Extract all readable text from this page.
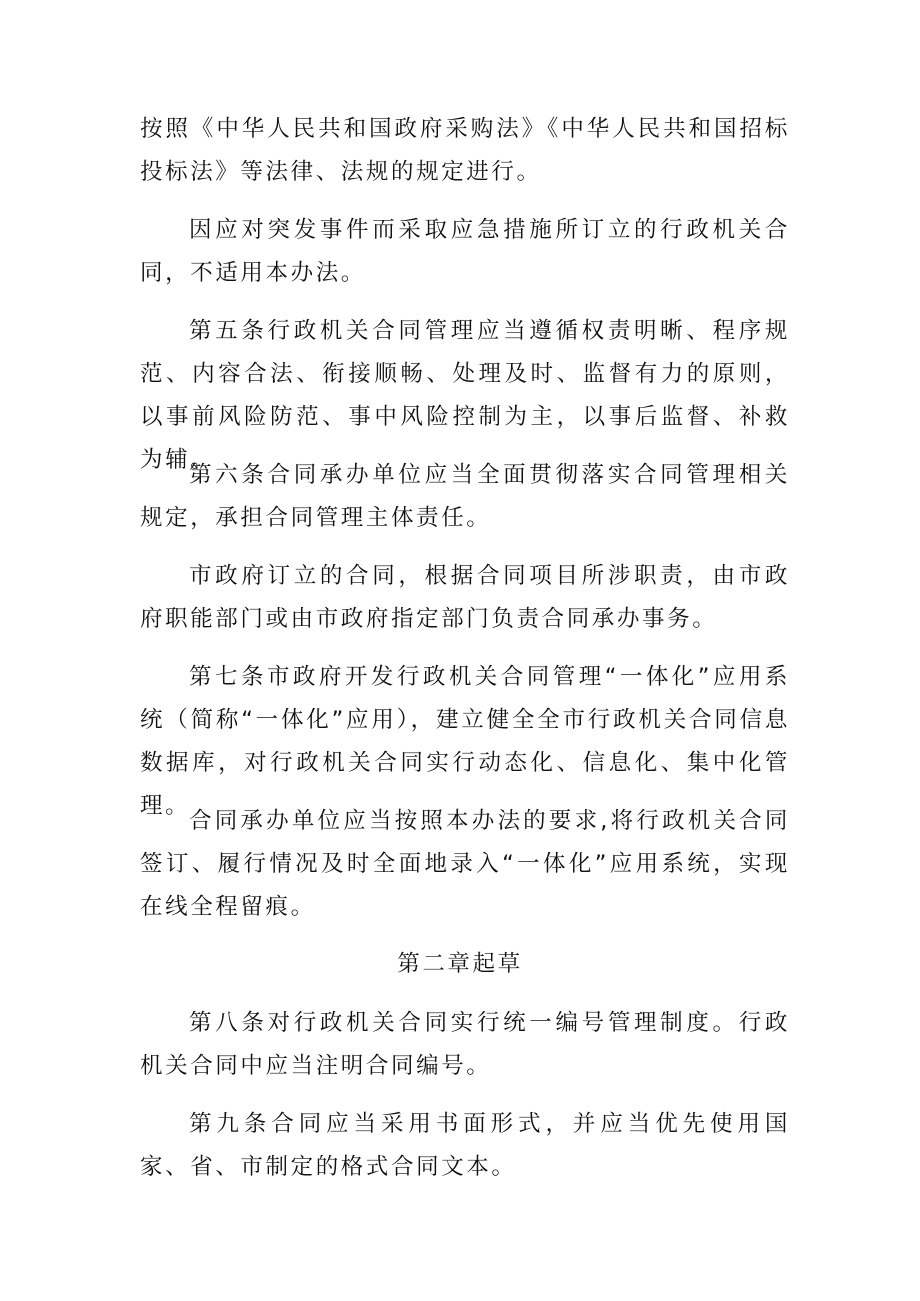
按照《中华人民共和国政府采购法》《中华人民共和国招标投标法》等法律、法规的规定进行。

因应对突发事件而采取应急措施所订立的行政机关合同，不适用本办法。

第五条行政机关合同管理应当遵循权责明晰、程序规范、内容合法、衔接顺畅、处理及时、监督有力的原则，以事前风险防范、事中风险控制为主，以事后监督、补救为辅。

第六条合同承办单位应当全面贯彻落实合同管理相关规定，承担合同管理主体责任。

市政府订立的合同，根据合同项目所涉职责，由市政府职能部门或由市政府指定部门负责合同承办事务。

第七条市政府开发行政机关合同管理“一体化”应用系统（简称“一体化”应用），建立健全全市行政机关合同信息数据库，对行政机关合同实行动态化、信息化、集中化管理。

合同承办单位应当按照本办法的要求,将行政机关合同签订、履行情况及时全面地录入“一体化”应用系统，实现在线全程留痕。

第二章起草

第八条对行政机关合同实行统一编号管理制度。行政机关合同中应当注明合同编号。

第九条合同应当采用书面形式，并应当优先使用国家、省、市制定的格式合同文本。
